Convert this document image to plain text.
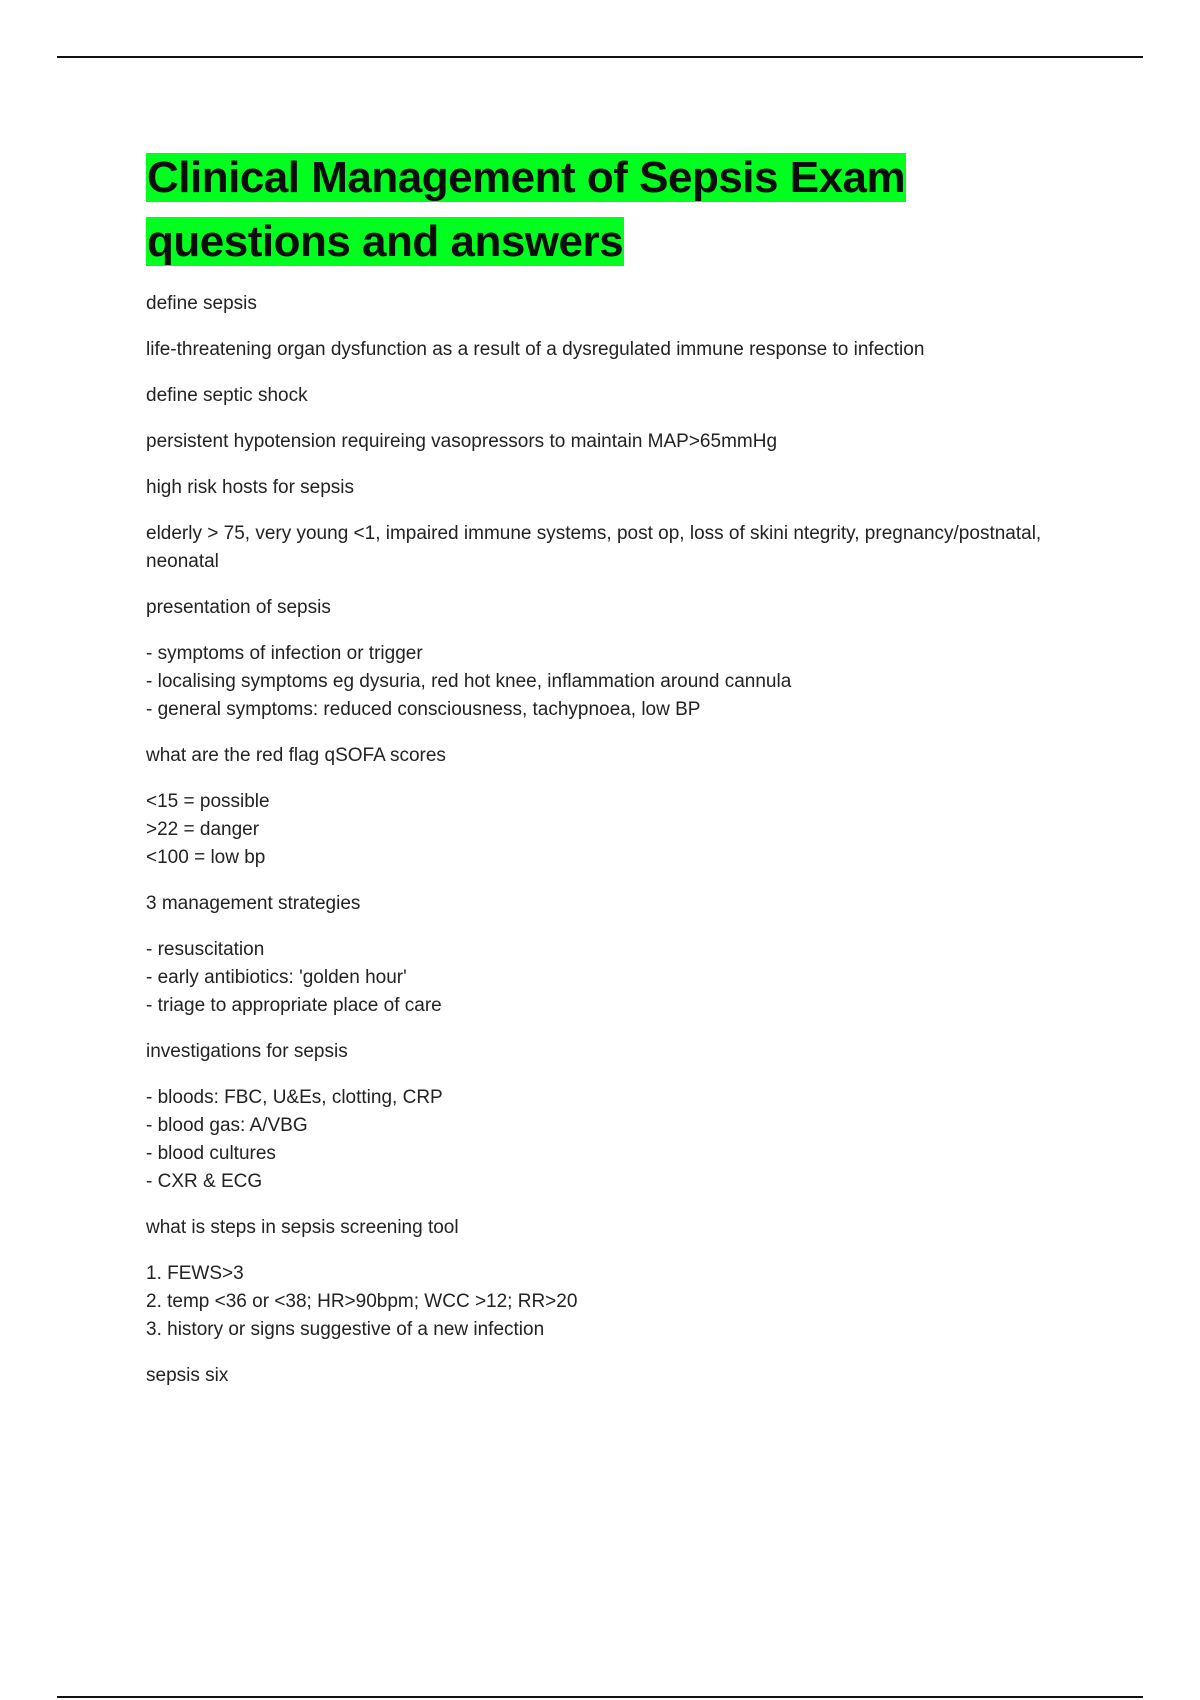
Clinical Management of Sepsis Exam questions and answers

define sepsis

life-threatening organ dysfunction as a result of a dysregulated immune response to infection

define septic shock

persistent hypotension requireing vasopressors to maintain MAP>65mmHg

high risk hosts for sepsis

elderly > 75, very young <1, impaired immune systems, post op, loss of skini ntegrity, pregnancy/postnatal, neonatal

presentation of sepsis

- symptoms of infection or trigger
- localising symptoms eg dysuria, red hot knee, inflammation around cannula
- general symptoms: reduced consciousness, tachypnoea, low BP

what are the red flag qSOFA scores

<15 = possible
>22 = danger
<100 = low bp

3 management strategies

- resuscitation
- early antibiotics: 'golden hour'
- triage to appropriate place of care

investigations for sepsis

- bloods: FBC, U&Es, clotting, CRP
- blood gas: A/VBG
- blood cultures
- CXR & ECG

what is steps in sepsis screening tool

1. FEWS>3
2. temp <36 or <38; HR>90bpm; WCC >12; RR>20
3. history or signs suggestive of a new infection

sepsis six
